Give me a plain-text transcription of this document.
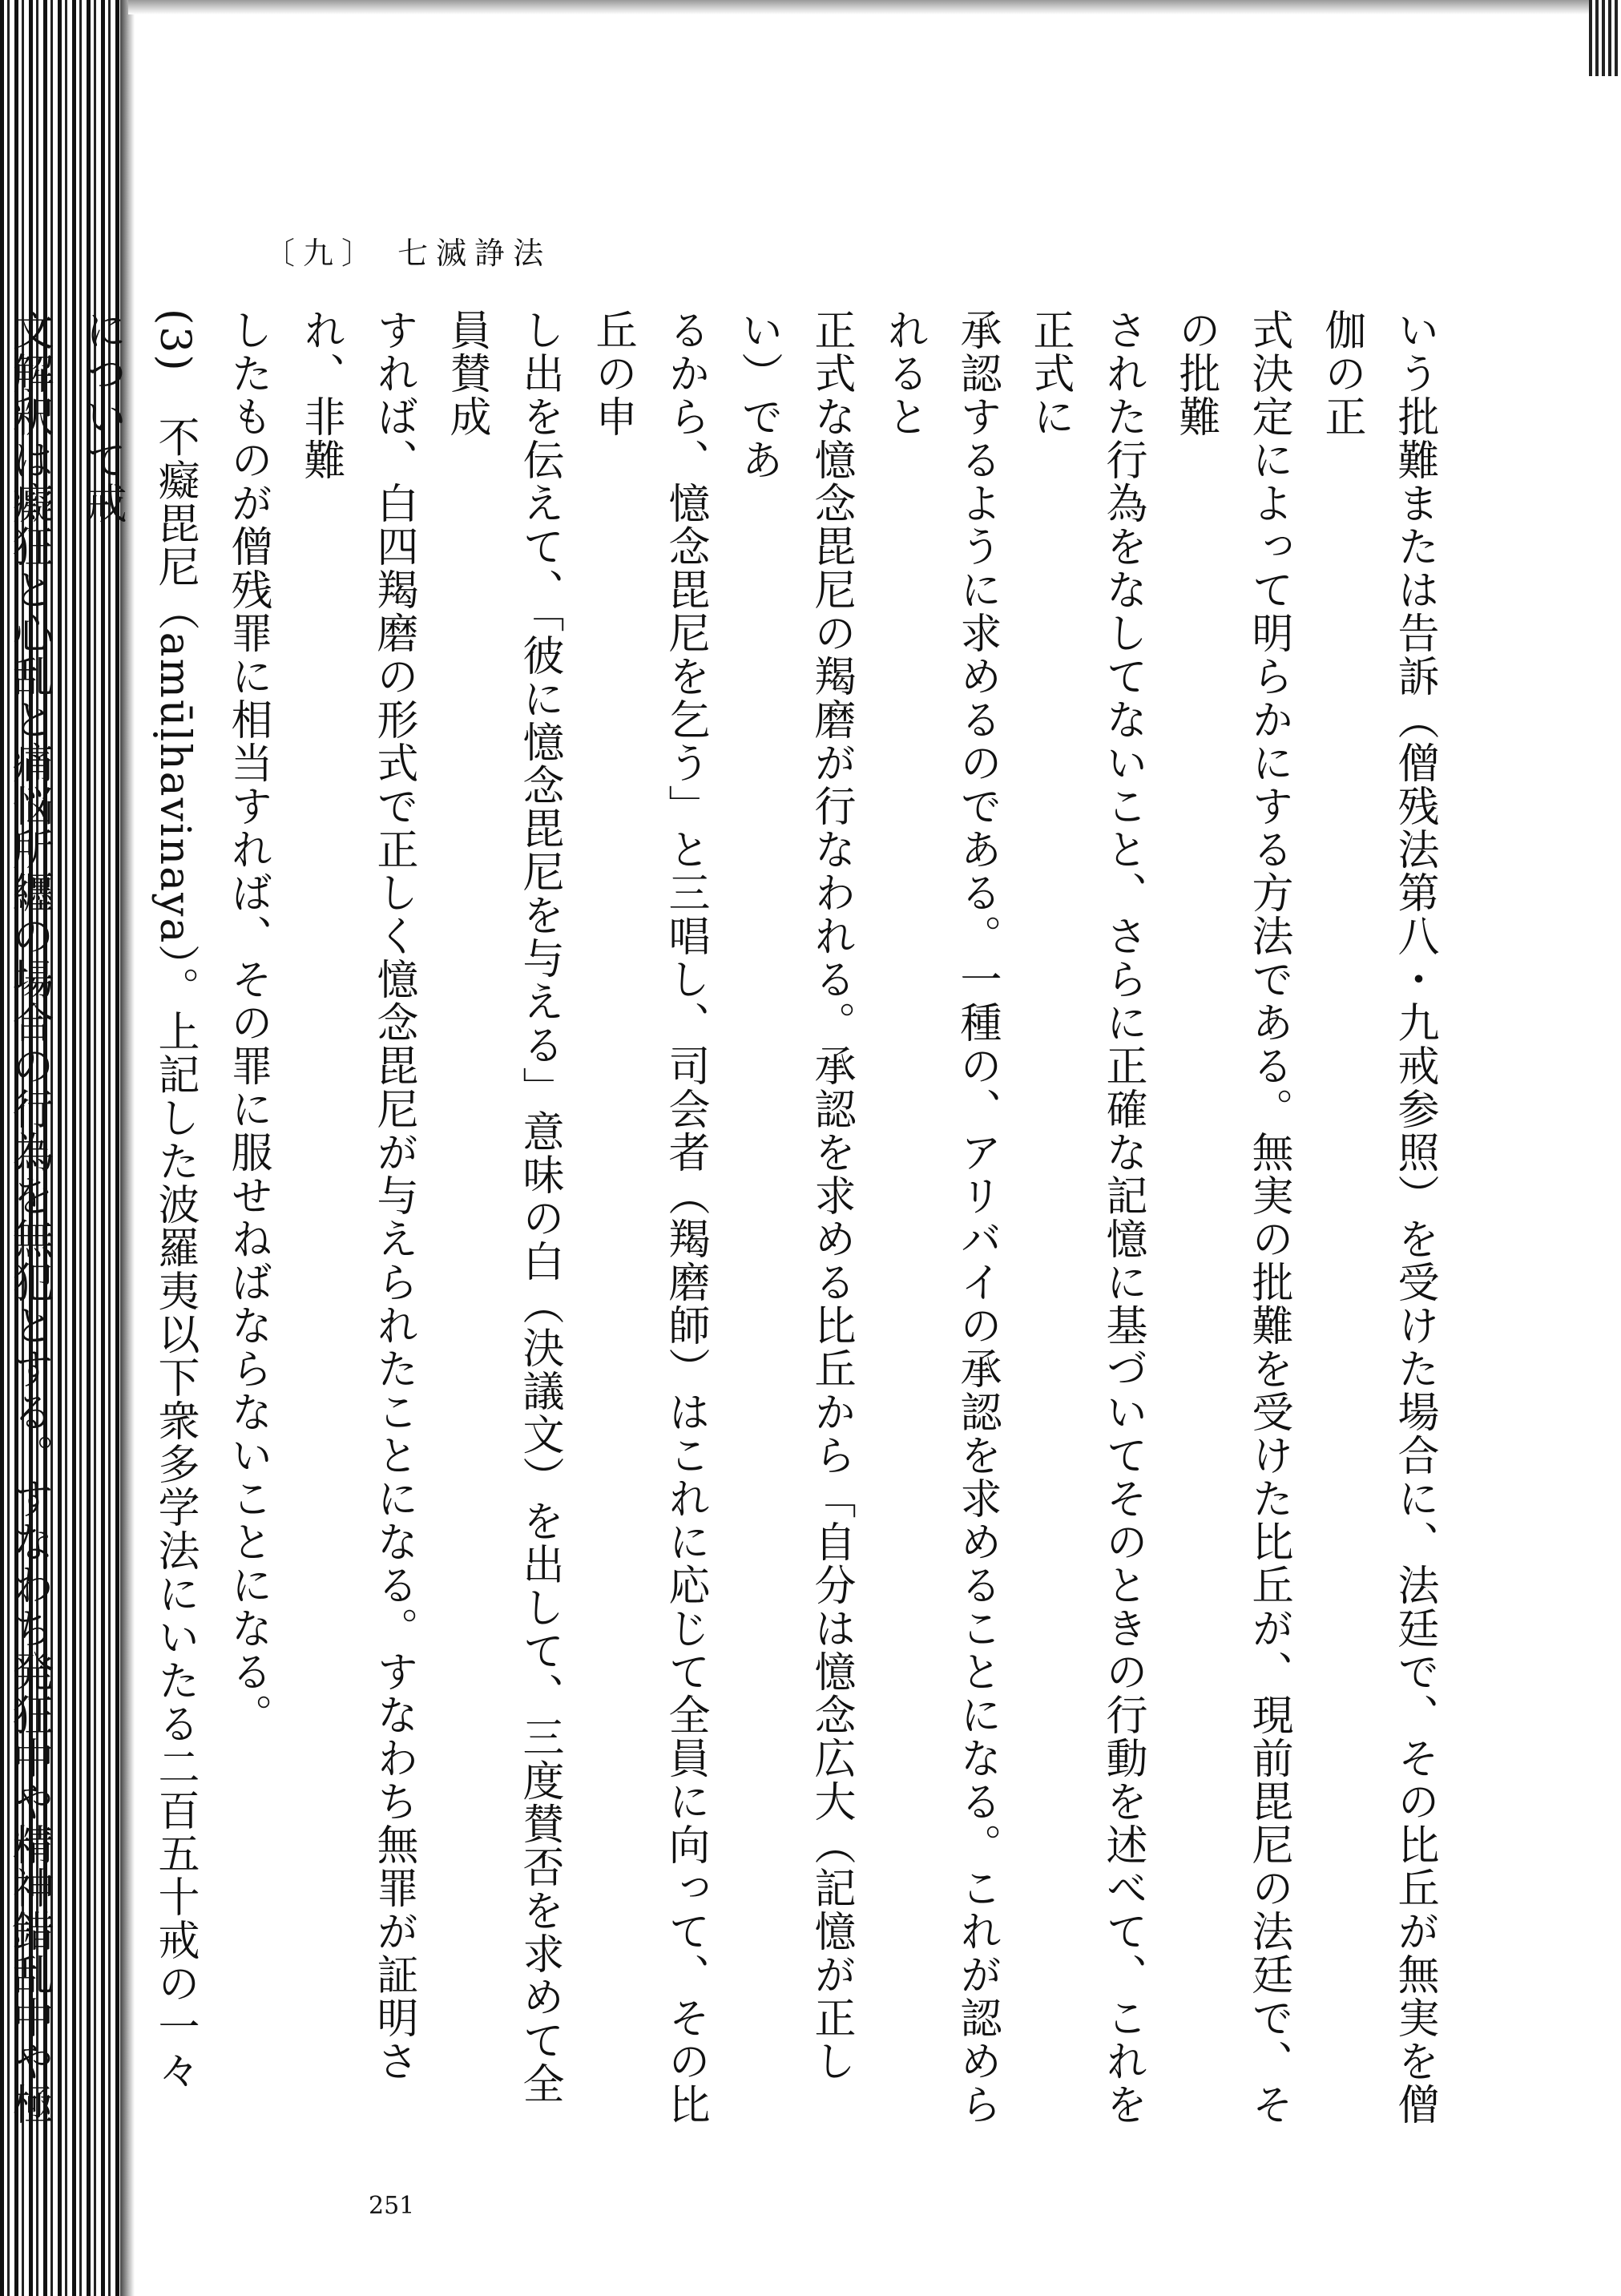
〔九〕 七滅諍法
いう批難または告訴（僧残法第八・九戒参照）を受けた場合に、法廷で、その比丘が無実を僧伽の正
式決定によって明らかにする方法である。無実の批難を受けた比丘が、現前毘尼の法廷で、その批難
された行為をなしてないこと、さらに正確な記憶に基づいてそのときの行動を述べて、これを正式に
承認するように求めるのである。一種の、アリバイの承認を求めることになる。これが認められると
正式な憶念毘尼の羯磨が行なわれる。承認を求める比丘から「自分は憶念広大（記憶が正しい）であ
るから、憶念毘尼を乞う」と三唱し、司会者（羯磨師）はこれに応じて全員に向って、その比丘の申
し出を伝えて、「彼に憶念毘尼を与える」意味の白（決議文）を出して、三度賛否を求めて全員賛成
すれば、白四羯磨の形式で正しく憶念毘尼が与えられたことになる。すなわち無罪が証明され、非難
したものが僧残罪に相当すれば、その罪に服せねばならないことになる。
(3)　不癡毘尼（amūḷhavinaya）。上記した波羅夷以下衆多学法にいたる二百五十戒の一々について戒
文解釈は癡狂と心乱と痛悩所纒の場合の行為を無犯とする。すなわち発狂中や精神錯乱中や極
251
